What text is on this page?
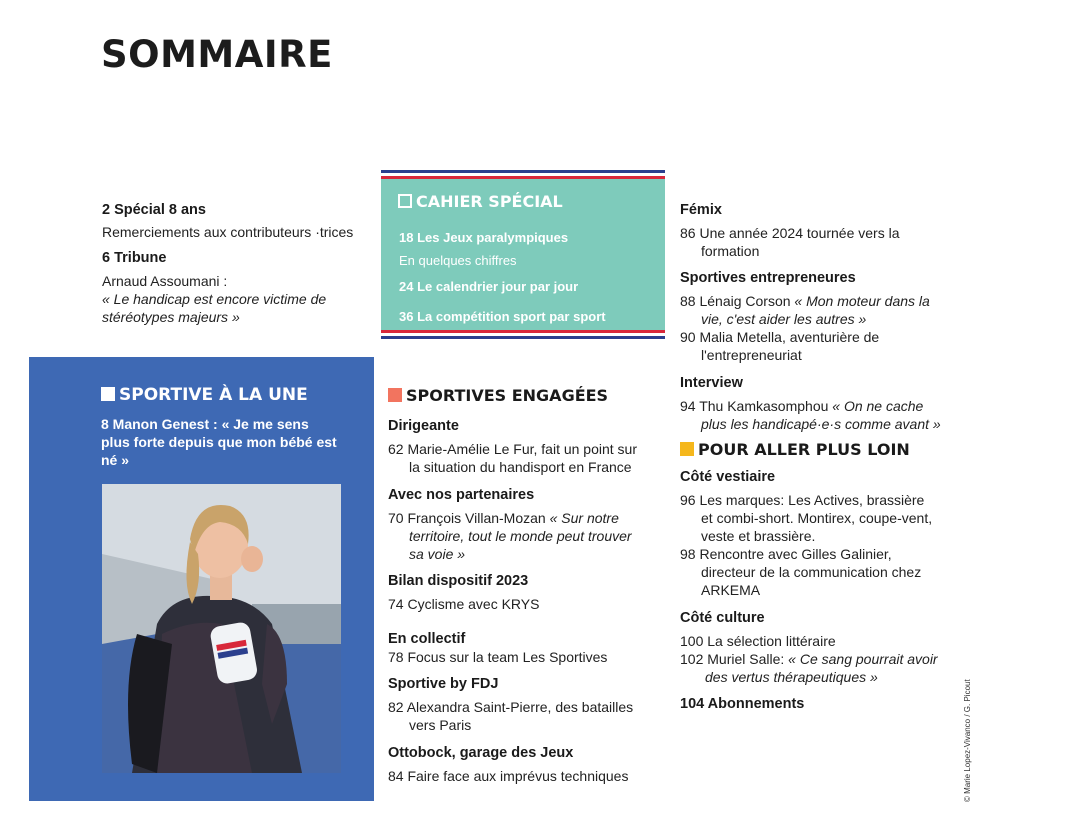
SOMMAIRE
2 Spécial 8 ans
Remerciements aux contributeurs ·trices
6 Tribune
Arnaud Assoumani :
« Le handicap est encore victime de
stéréotypes majeurs »
CAHIER SPÉCIAL
18 Les Jeux paralympiques
En quelques chiffres
24 Le calendrier jour par jour
36 La compétition sport par sport
SPORTIVE À LA UNE
8 Manon Genest : « Je me sens plus forte depuis que mon bébé est né »
SPORTIVES ENGAGÉES
Dirigeante
62 Marie-Amélie Le Fur, fait un point sur
la situation du handisport en France
Avec nos partenaires
70 François Villan-Mozan « Sur notre
territoire, tout le monde peut trouver
sa voie »
Bilan dispositif 2023
74 Cyclisme avec KRYS
En collectif
78 Focus sur la team Les Sportives
Sportive by FDJ
82 Alexandra Saint-Pierre, des batailles
vers Paris
Ottobock, garage des Jeux
84 Faire face aux imprévus techniques
Fémix
86 Une année 2024 tournée vers la
formation
Sportives entrepreneures
88 Lénaig Corson « Mon moteur dans la
vie, c'est aider les autres »
90 Malia Metella, aventurière de
l'entrepreneuriat
Interview
94 Thu Kamkasomphou « On ne cache
plus les handicapé·e·s comme avant »
POUR ALLER PLUS LOIN
Côté vestiaire
96 Les marques: Les Actives, brassière
et combi-short. Montirex, coupe-vent,
veste et brassière.
98 Rencontre avec Gilles Galinier,
directeur de la communication chez
ARKEMA
Côté culture
100 La sélection littéraire
102 Muriel Salle: « Ce sang pourrait avoir
des vertus thérapeutiques »
104 Abonnements	© Marie Lopez-Vivanco / G. Picout
